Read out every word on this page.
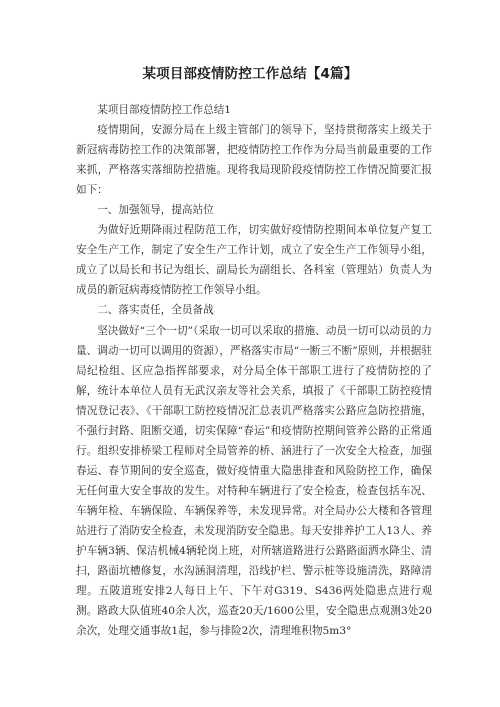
某项目部疫情防控工作总结【4篇】

某项目部疫情防控工作总结1

疫情期间，安源分局在上级主管部门的领导下，坚持贯彻落实上级关于新冠病毒防控工作的决策部署，把疫情防控工作作为分局当前最重要的工作来抓，严格落实落细防控措施。现将我局现阶段疫情防控工作情况简要汇报如下：

一、加强领导，提高站位

为做好近期降雨过程防范工作，切实做好疫情防控期间本单位复产复工安全生产工作，制定了安全生产工作计划，成立了安全生产工作领导小组，成立了以局长和书记为组长、副局长为副组长、各科室（管理站）负责人为成员的新冠病毒疫情防控工作领导小组。

二、落实责任，全员备战

坚决做好“三个一切”（采取一切可以采取的措施、动员一切可以动员的力量、调动一切可以调用的资源），严格落实市局“一断三不断”原则，并根据驻局纪检组、区应急指挥部要求，对分局全体干部职工进行了疫情防控的了解，统计本单位人员有无武汉亲友等社会关系，填报了《干部职工防控疫情情况登记表》、《干部职工防控疫情况汇总表讥严格落实公路应急防控措施，不强行封路、阻断交通，切实保障“春运”和疫情防控期间管养公路的正常通行。组织安排桥梁工程师对全局管养的桥、涵进行了一次安全大检查，加强春运、春节期间的安全巡查，做好疫情重大隐患排查和风险防控工作，确保无任何重大安全事故的发生。对特种车辆进行了安全检查，检查包括车况、车辆年检、车辆保险、车辆保养等，未发现异常。对全局办公大楼和各管理站进行了消防安全检查，未发现消防安全隐患。每天安排养护工人13人、养护车辆3辆、保洁机械4辆轮岗上班，对所辖道路进行公路路面洒水降尘、清扫，路面坑槽修复，水沟涵洞清理，沿线护栏、警示桩等设施清洗，路障清理。五陂道班安排2人每日上午、下午对G319、S436两处隐患点进行观测。路政大队值班40余人次，巡查20天/1600公里，安全隐患点观测3处20余次，处理交通事故1起，参与排险2次，清理堆积物5m3°
